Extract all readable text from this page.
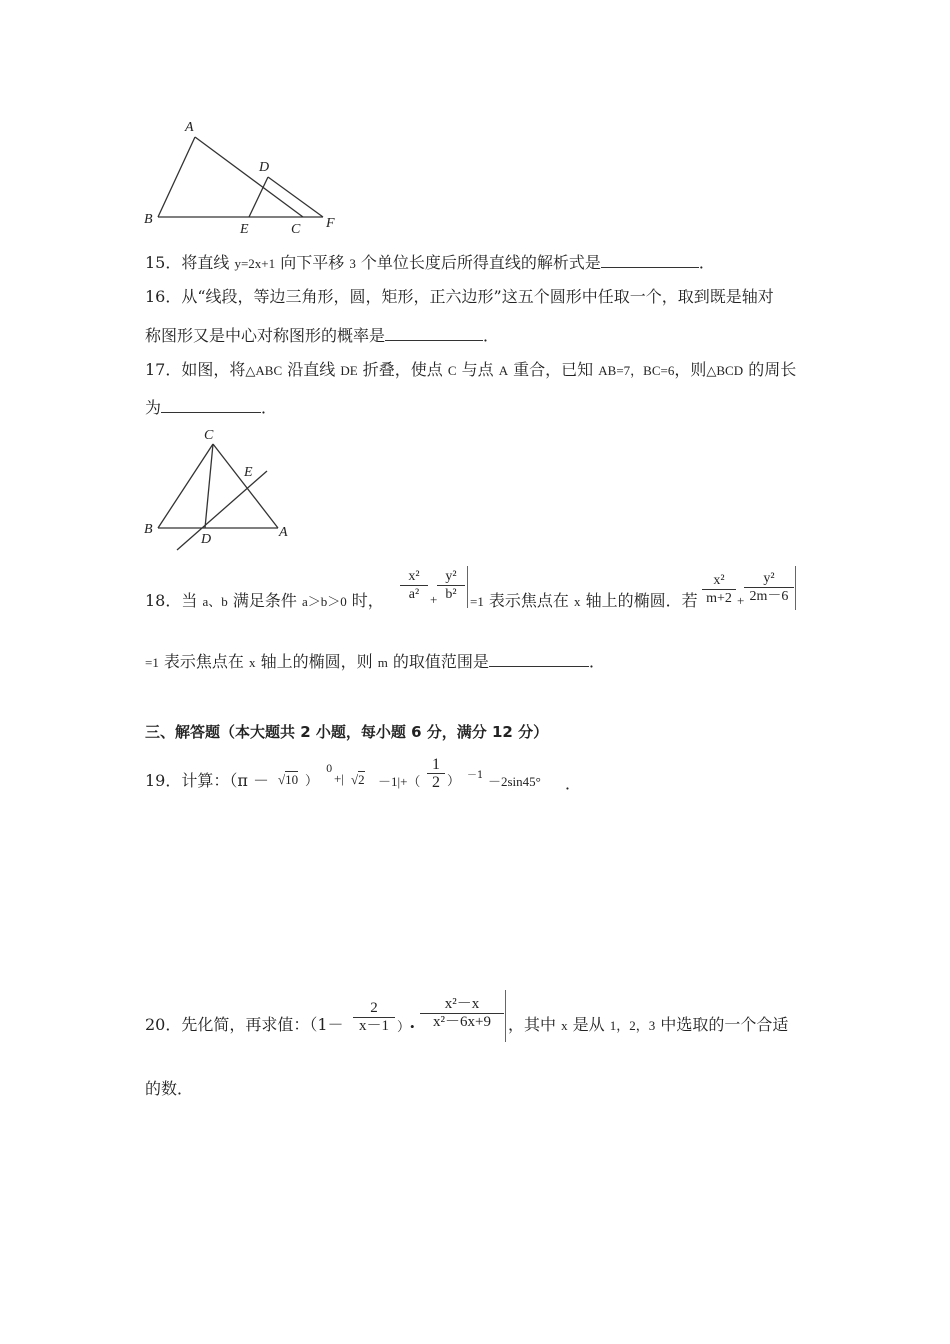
A
B
C
D
E	F
15．将直线 y=2x+1 向下平移 3 个单位长度后所得直线的解析式是	．
16．从“线段，等边三角形，圆，矩形，正六边形”这五个圆形中任取一个，取到既是轴对
称图形又是中心对称图形的概率是	．
17．如图，将△ABC 沿直线 DE 折叠，使点 C 与点 A 重合，已知 AB=7，BC=6，则△BCD 的周长
为	．
C
E
B
D	A
18．当 a、b 满足条件 a＞b＞0 时，
x²
a² +
y²
b²	=1 表示焦点在 x 轴上的椭圆．若
x²
m+2 +
y²
2m－6
=1 表示焦点在 x 轴上的椭圆，则 m 的取值范围是	．
三、解答题（本大题共 2 小题，每小题 6 分，满分 12 分）
19．计算：（π － √10 ）
0
+| √2 －1|+（
1
2 ） －1 －2sin45° ．
20．先化简，再求值：（1－
2
x－1 ）•
x²－x
x²－6x+9	，其中 x 是从 1，2，3 中选取的一个合适
的数．
